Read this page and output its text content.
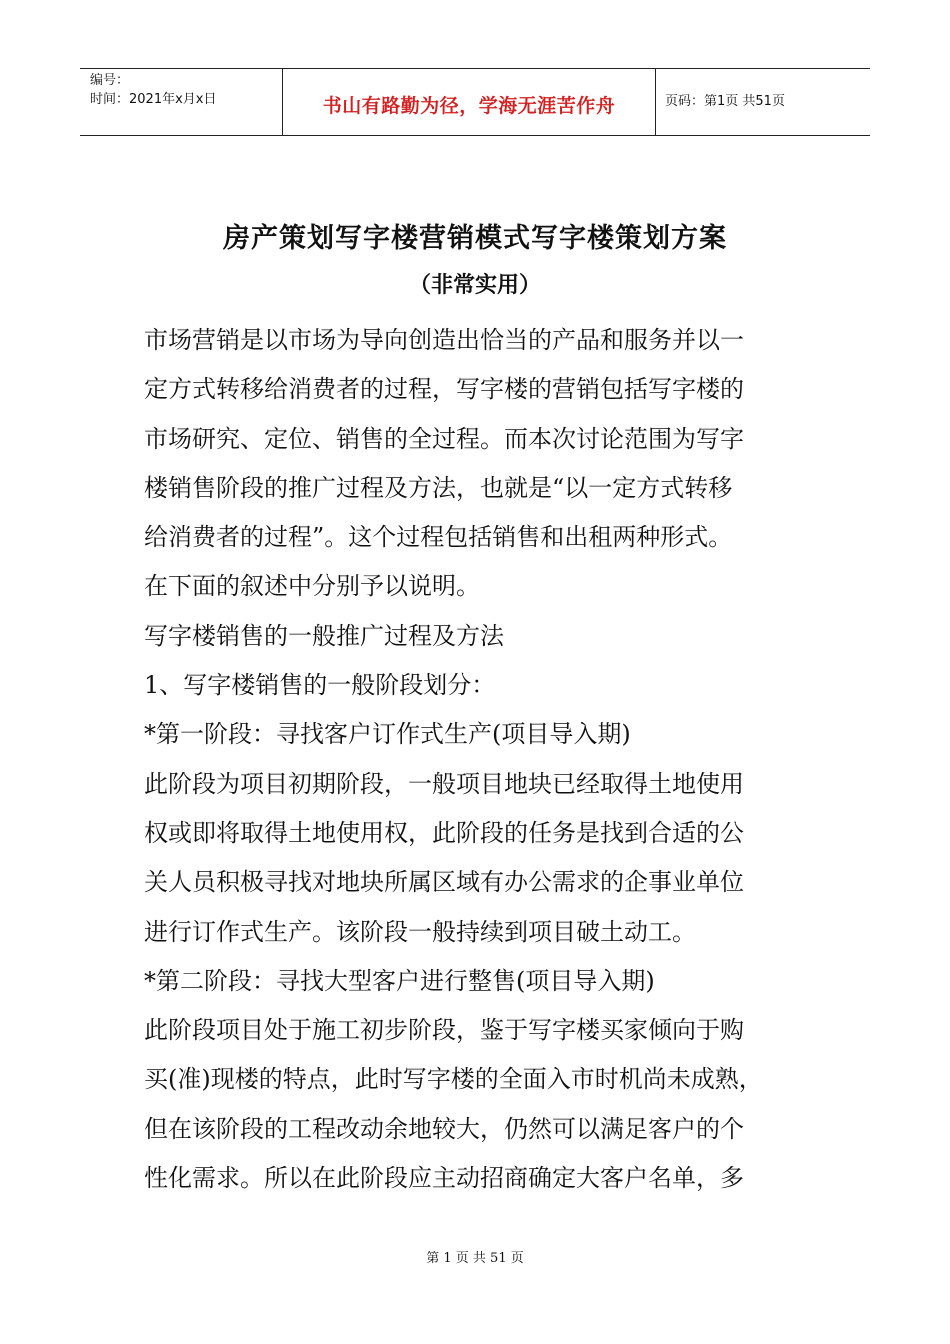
编号：
时间：2021年x月x日	书山有路勤为径，学海无涯苦作舟	页码：第1页 共51页
房产策划写字楼营销模式写字楼策划方案
（非常实用）
市场营销是以市场为导向创造出恰当的产品和服务并以一
定方式转移给消费者的过程，写字楼的营销包括写字楼的
市场研究、定位、销售的全过程。而本次讨论范围为写字
楼销售阶段的推广过程及方法，也就是“以一定方式转移
给消费者的过程”。这个过程包括销售和出租两种形式。
在下面的叙述中分别予以说明。
写字楼销售的一般推广过程及方法
1、写字楼销售的一般阶段划分：
*第一阶段：寻找客户订作式生产(项目导入期)
此阶段为项目初期阶段，一般项目地块已经取得土地使用
权或即将取得土地使用权，此阶段的任务是找到合适的公
关人员积极寻找对地块所属区域有办公需求的企事业单位
进行订作式生产。该阶段一般持续到项目破土动工。
*第二阶段：寻找大型客户进行整售(项目导入期)
此阶段项目处于施工初步阶段，鉴于写字楼买家倾向于购
买(准)现楼的特点，此时写字楼的全面入市时机尚未成熟，
但在该阶段的工程改动余地较大，仍然可以满足客户的个
性化需求。所以在此阶段应主动招商确定大客户名单，多
第 1 页 共 51 页
